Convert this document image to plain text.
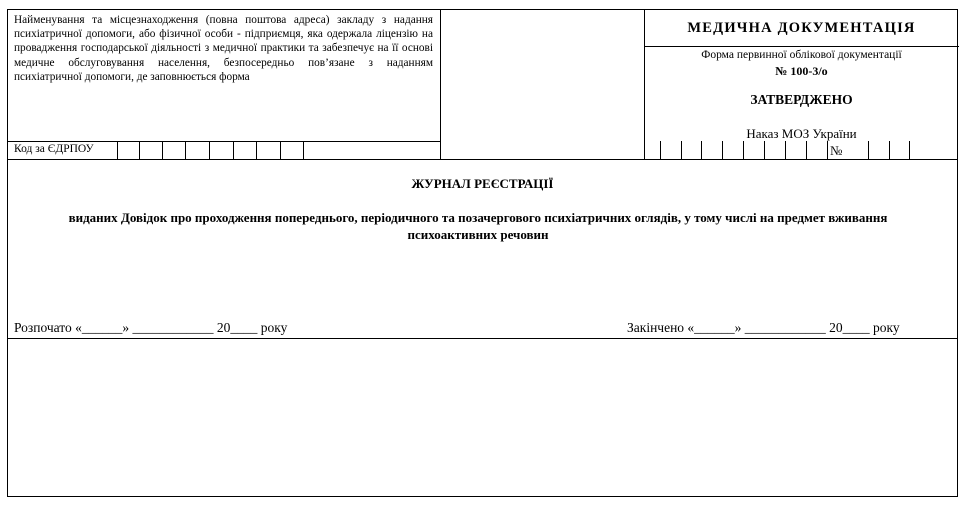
Найменування та місцезнаходження (повна поштова адреса) закладу з надання психіатричної допомоги, або фізичної особи - підприємця, яка одержала ліцензію на провадження господарської діяльності з медичної практики та забезпечує на її основі медичне обслуговування населення, безпосередньо пов’язане з наданням психіатричної допомоги, де заповнюється форма
Код за ЄДРПОУ
МЕДИЧНА ДОКУМЕНТАЦІЯ
Форма первинної облікової документації
№ 100-3/о
ЗАТВЕРДЖЕНО
Наказ МОЗ України
№
ЖУРНАЛ РЕЄСТРАЦІЇ
виданих Довідок про проходження попереднього, періодичного та позачергового психіатричних оглядів, у тому числі на предмет вживання психоактивних речовин
Розпочато «______» ____________ 20____ року	Закінчено «______» ____________ 20____ року
